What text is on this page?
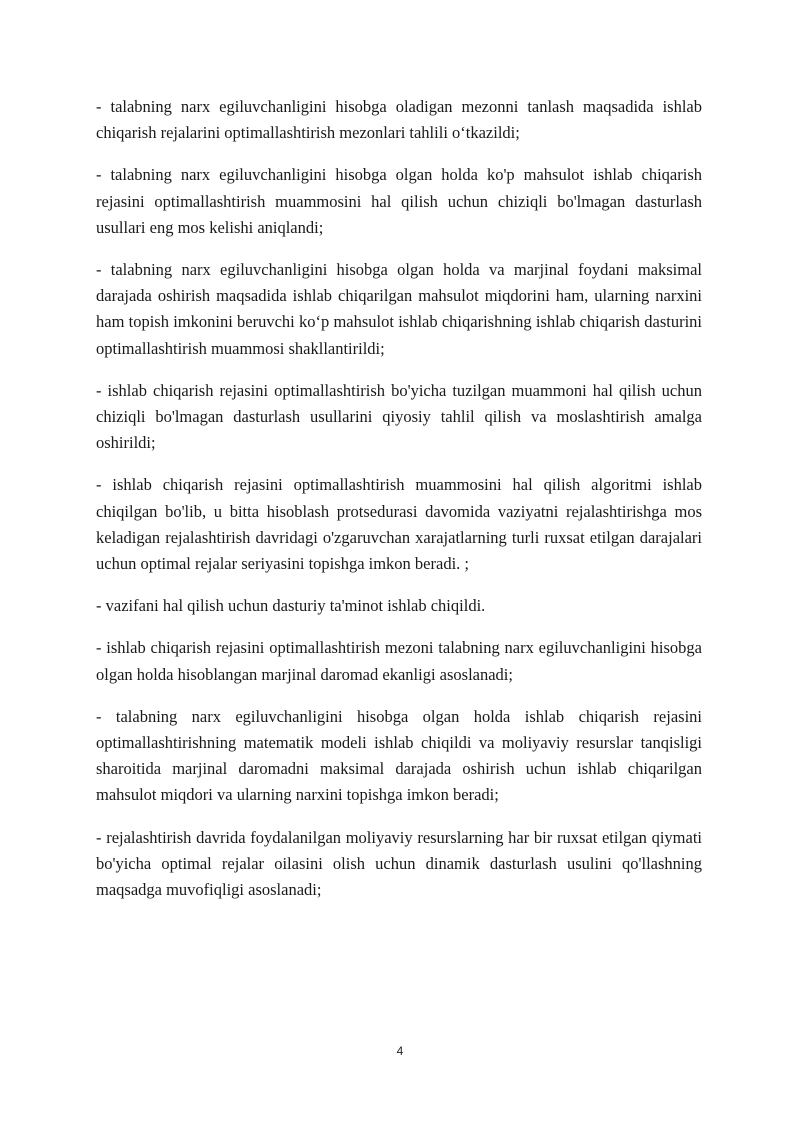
- talabning narx egiluvchanligini hisobga oladigan mezonni tanlash maqsadida ishlab chiqarish rejalarini optimallashtirish mezonlari tahlili o‘tkazildi;

- talabning narx egiluvchanligini hisobga olgan holda ko'p mahsulot ishlab chiqarish rejasini optimallashtirish muammosini hal qilish uchun chiziqli bo'lmagan dasturlash usullari eng mos kelishi aniqlandi;

- talabning narx egiluvchanligini hisobga olgan holda va marjinal foydani maksimal darajada oshirish maqsadida ishlab chiqarilgan mahsulot miqdorini ham, ularning narxini ham topish imkonini beruvchi ko‘p mahsulot ishlab chiqarishning ishlab chiqarish dasturini optimallashtirish muammosi shakllantirildi;

- ishlab chiqarish rejasini optimallashtirish bo'yicha tuzilgan muammoni hal qilish uchun chiziqli bo'lmagan dasturlash usullarini qiyosiy tahlil qilish va moslashtirish amalga oshirildi;

- ishlab chiqarish rejasini optimallashtirish muammosini hal qilish algoritmi ishlab chiqilgan bo'lib, u bitta hisoblash protsedurasi davomida vaziyatni rejalashtirishga mos keladigan rejalashtirish davridagi o'zgaruvchan xarajatlarning turli ruxsat etilgan darajalari uchun optimal rejalar seriyasini topishga imkon beradi. ;

- vazifani hal qilish uchun dasturiy ta'minot ishlab chiqildi.

- ishlab chiqarish rejasini optimallashtirish mezoni talabning narx egiluvchanligini hisobga olgan holda hisoblangan marjinal daromad ekanligi asoslanadi;

- talabning narx egiluvchanligini hisobga olgan holda ishlab chiqarish rejasini optimallashtirishning matematik modeli ishlab chiqildi va moliyaviy resurslar tanqisligi sharoitida marjinal daromadni maksimal darajada oshirish uchun ishlab chiqarilgan mahsulot miqdori va ularning narxini topishga imkon beradi;

- rejalashtirish davrida foydalanilgan moliyaviy resurslarning har bir ruxsat etilgan qiymati bo'yicha optimal rejalar oilasini olish uchun dinamik dasturlash usulini qo'llashning maqsadga muvofiqligi asoslanadi;

4
